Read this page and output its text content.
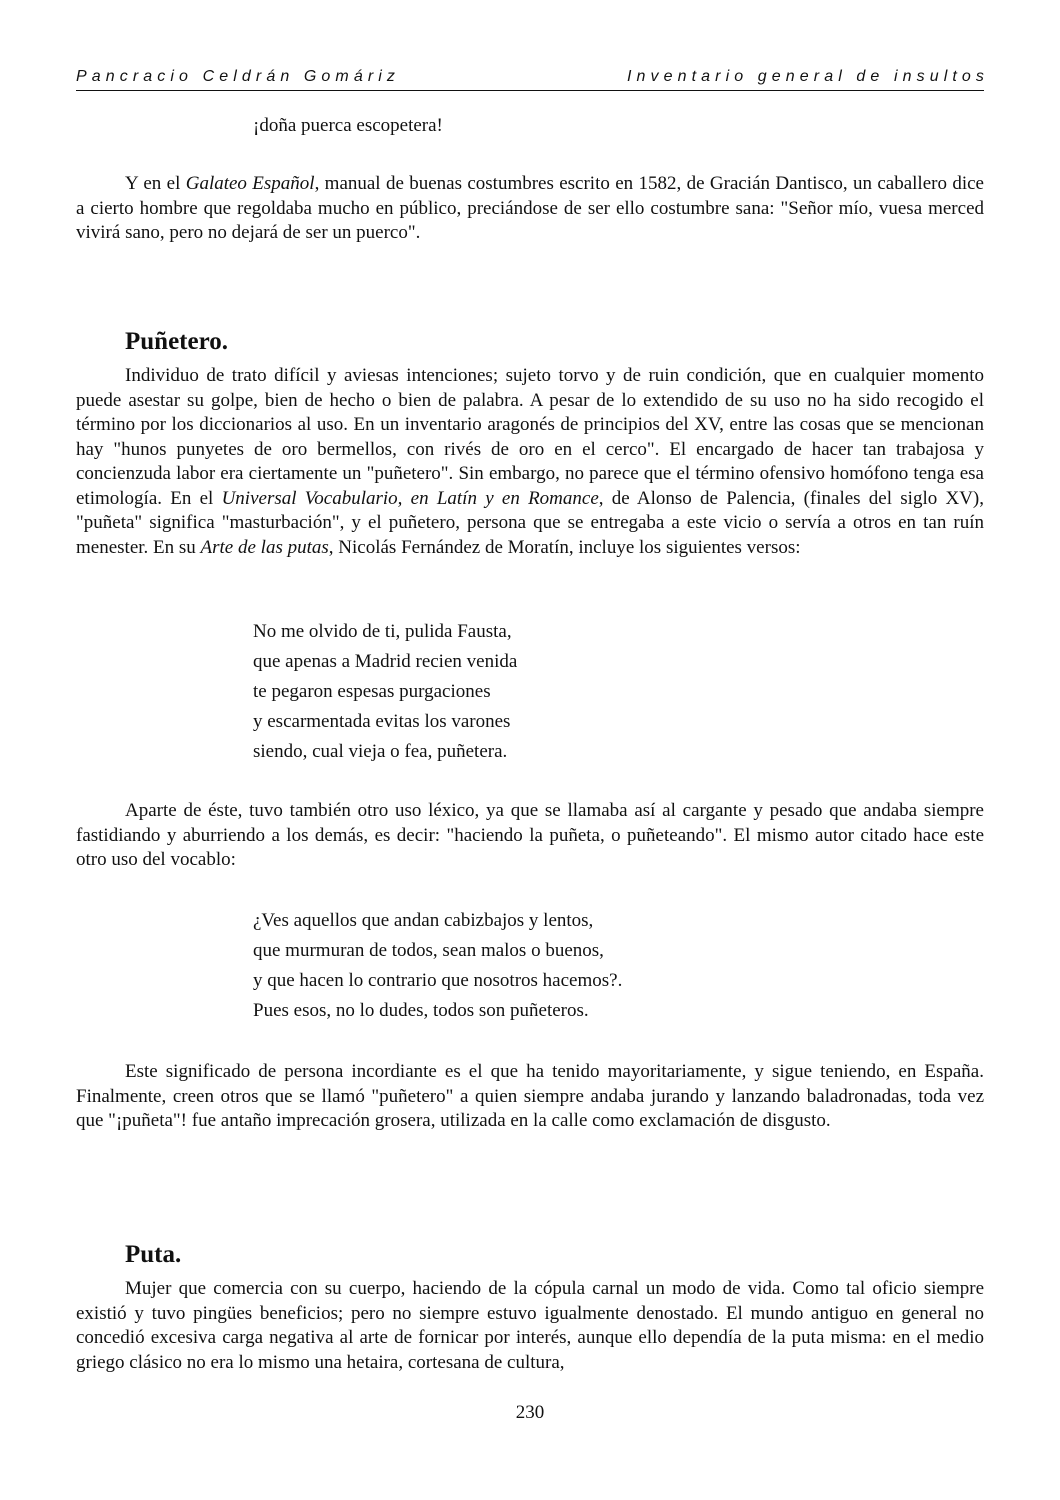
Pancracio Celdrán Gomáriz	Inventario general de insultos
¡doña puerca escopetera!

Y en el Galateo Español, manual de buenas costumbres escrito en 1582, de Gracián Dantisco, un caballero dice a cierto hombre que regoldaba mucho en público, preciándose de ser ello costumbre sana: "Señor mío, vuesa merced vivirá sano, pero no dejará de ser un puerco".

Puñetero.

Individuo de trato difícil y aviesas intenciones; sujeto torvo y de ruin condición, que en cualquier momento puede asestar su golpe, bien de hecho o bien de palabra. A pesar de lo extendido de su uso no ha sido recogido el término por los diccionarios al uso. En un inventario aragonés de principios del XV, entre las cosas que se mencionan hay "hunos punyetes de oro bermellos, con rivés de oro en el cerco". El encargado de hacer tan trabajosa y concienzuda labor era ciertamente un "puñetero". Sin embargo, no parece que el término ofensivo homófono tenga esa etimología. En el Universal Vocabulario, en Latín y en Romance, de Alonso de Palencia, (finales del siglo XV), "puñeta" significa "masturbación", y el puñetero, persona que se entregaba a este vicio o servía a otros en tan ruín menester. En su Arte de las putas, Nicolás Fernández de Moratín, incluye los siguientes versos:

No me olvido de ti, pulida Fausta,
que apenas a Madrid recien venida
te pegaron espesas purgaciones
y escarmentada evitas los varones
siendo, cual vieja o fea, puñetera.

Aparte de éste, tuvo también otro uso léxico, ya que se llamaba así al cargante y pesado que andaba siempre fastidiando y aburriendo a los demás, es decir: "haciendo la puñeta, o puñeteando". El mismo autor citado hace este otro uso del vocablo:

¿Ves aquellos que andan cabizbajos y lentos,
que murmuran de todos, sean malos o buenos,
y que hacen lo contrario que nosotros hacemos?.
Pues esos, no lo dudes, todos son puñeteros.

Este significado de persona incordiante es el que ha tenido mayoritariamente, y sigue teniendo, en España. Finalmente, creen otros que se llamó "puñetero" a quien siempre andaba jurando y lanzando baladronadas, toda vez que "¡puñeta"! fue antaño imprecación grosera, utilizada en la calle como exclamación de disgusto.

Puta.

Mujer que comercia con su cuerpo, haciendo de la cópula carnal un modo de vida. Como tal oficio siempre existió y tuvo pingües beneficios; pero no siempre estuvo igualmente denostado. El mundo antiguo en general no concedió excesiva carga negativa al arte de fornicar por interés, aunque ello dependía de la puta misma: en el medio griego clásico no era lo mismo una hetaira, cortesana de cultura,

230
